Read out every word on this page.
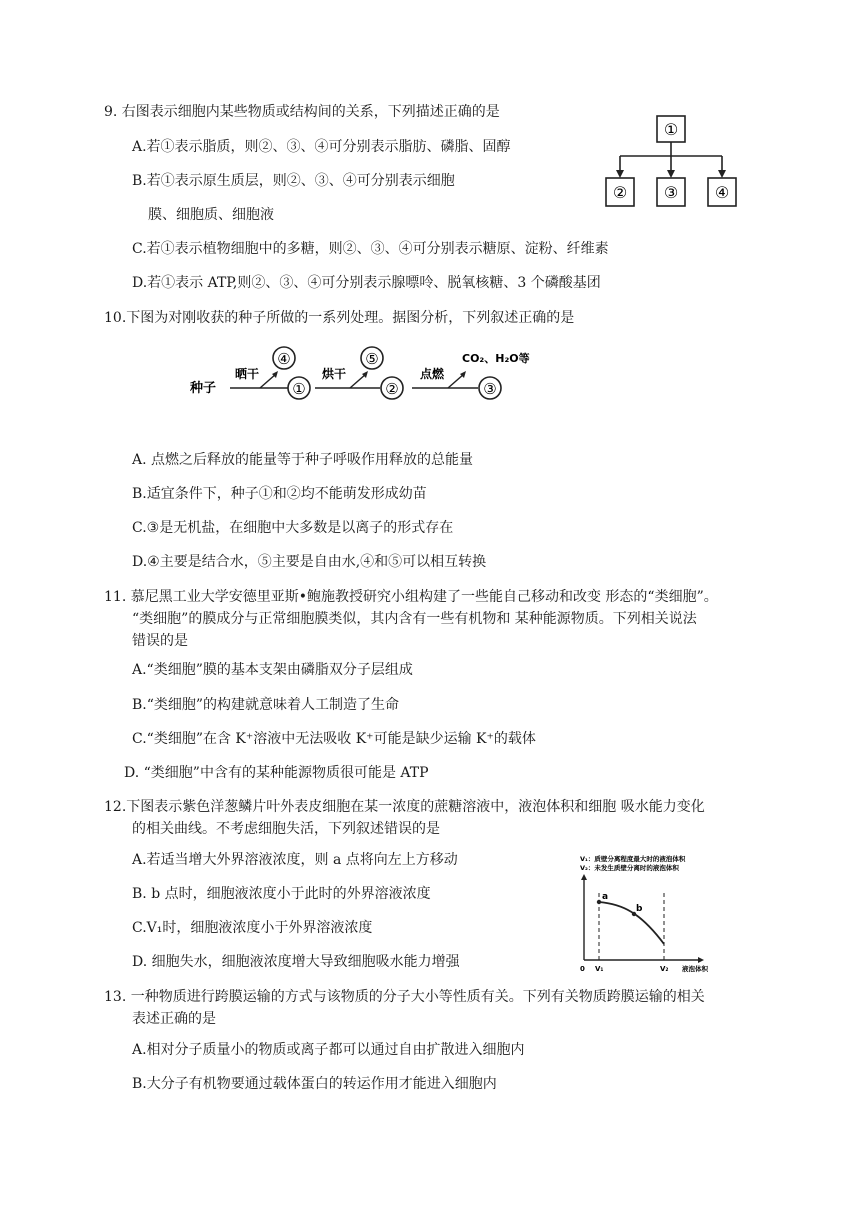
9. 右图表示细胞内某些物质或结构间的关系，下列描述正确的是
A.若①表示脂质，则②、③、④可分别表示脂肪、磷脂、固醇
B.若①表示原生质层，则②、③、④可分别表示细胞
膜、细胞质、细胞液
C.若①表示植物细胞中的多糖，则②、③、④可分别表示糖原、淀粉、纤维素
D.若①表示 ATP,则②、③、④可分别表示腺嘌呤、脱氧核糖、3 个磷酸基团
①
② ③ ④
10.下图为对刚收获的种子所做的一系列处理。据图分析，下列叙述正确的是
种子
晒干
④
①
烘干
⑤
②
点燃
CO₂、H₂O等
③
A. 点燃之后释放的能量等于种子呼吸作用释放的总能量
B.适宜条件下，种子①和②均不能萌发形成幼苗
C.③是无机盐，在细胞中大多数是以离子的形式存在
D.④主要是结合水，⑤主要是自由水,④和⑤可以相互转换
11. 慕尼黑工业大学安德里亚斯•鲍施教授研究小组构建了一些能自己移动和改变 形态的“类细胞”。
“类细胞”的膜成分与正常细胞膜类似，其内含有一些有机物和 某种能源物质。下列相关说法
错误的是
A.“类细胞”膜的基本支架由磷脂双分子层组成
B.“类细胞”的构建就意味着人工制造了生命
C.“类细胞”在含 K⁺溶液中无法吸收 K⁺可能是缺少运输 K⁺的载体
D. “类细胞”中含有的某种能源物质很可能是 ATP
12.下图表示紫色洋葱鳞片叶外表皮细胞在某一浓度的蔗糖溶液中，液泡体积和细胞 吸水能力变化
的相关曲线。不考虑细胞失活，下列叙述错误的是
A.若适当增大外界溶液浓度，则 a 点将向左上方移动
B. b 点时，细胞液浓度小于此时的外界溶液浓度
C.V₁时，细胞液浓度小于外界溶液浓度
D. 细胞失水，细胞液浓度增大导致细胞吸水能力增强
V₁：质壁分离程度最大时的液泡体积
V₂：未发生质壁分离时的液泡体积
a
b
0 V₁	V₂ 液泡体积
13. 一种物质进行跨膜运输的方式与该物质的分子大小等性质有关。下列有关物质跨膜运输的相关
表述正确的是
A.相对分子质量小的物质或离子都可以通过自由扩散进入细胞内
B.大分子有机物要通过载体蛋白的转运作用才能进入细胞内
